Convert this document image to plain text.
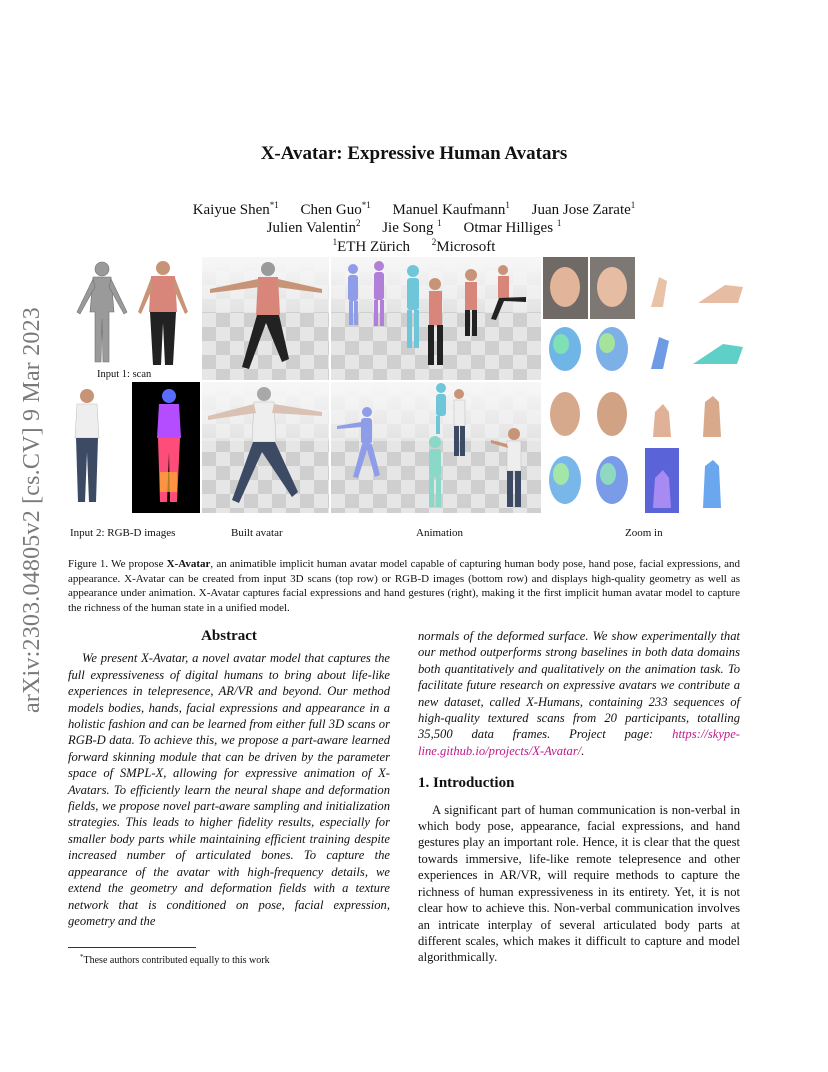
arXiv:2303.04805v2 [cs.CV] 9 Mar 2023
X-Avatar: Expressive Human Avatars
Kaiyue Shen$^{*1}$ Chen Guo$^{*1}$ Manuel Kaufmann$^1$ Juan Jose Zarate$^1$
Julien Valentin$^2$ Jie Song $^1$ Otmar Hilliges $^1$
$^1$ETH Zürich $^2$Microsoft
Input 1: scan
Input 2: RGB-D images	Built avatar	Animation	Zoom in
Figure 1. We propose X-Avatar, an animatible implicit human avatar model capable of capturing human body pose, hand pose, facial expressions, and appearance. X-Avatar can be created from input 3D scans (top row) or RGB-D images (bottom row) and displays high-quality geometry as well as appearance under animation. X-Avatar captures facial expressions and hand gestures (right), making it the first implicit human avatar model to capture the richness of the human state in a unified model.
Abstract
We present X-Avatar, a novel avatar model that captures the full expressiveness of digital humans to bring about life-like experiences in telepresence, AR/VR and beyond. Our method models bodies, hands, facial expressions and appearance in a holistic fashion and can be learned from either full 3D scans or RGB-D data. To achieve this, we propose a part-aware learned forward skinning module that can be driven by the parameter space of SMPL-X, allowing for expressive animation of X-Avatars. To efficiently learn the neural shape and deformation fields, we propose novel part-aware sampling and initialization strategies. This leads to higher fidelity results, especially for smaller body parts while maintaining efficient training despite increased number of articulated bones. To capture the appearance of the avatar with high-frequency details, we extend the geometry and deformation fields with a texture network that is conditioned on pose, facial expression, geometry and the
normals of the deformed surface. We show experimentally that our method outperforms strong baselines in both data domains both quantitatively and qualitatively on the animation task. To facilitate future research on expressive avatars we contribute a new dataset, called X-Humans, containing 233 sequences of high-quality textured scans from 20 participants, totalling 35,500 data frames. Project page: https://skype-line.github.io/projects/X-Avatar/.
1. Introduction
A significant part of human communication is non-verbal in which body pose, appearance, facial expressions, and hand gestures play an important role. Hence, it is clear that the quest towards immersive, life-like remote telepresence and other experiences in AR/VR, will require methods to capture the richness of human expressiveness in its entirety. Yet, it is not clear how to achieve this. Non-verbal communication involves an intricate interplay of several articulated body parts at different scales, which makes it difficult to capture and model algorithmically.
*These authors contributed equally to this work
